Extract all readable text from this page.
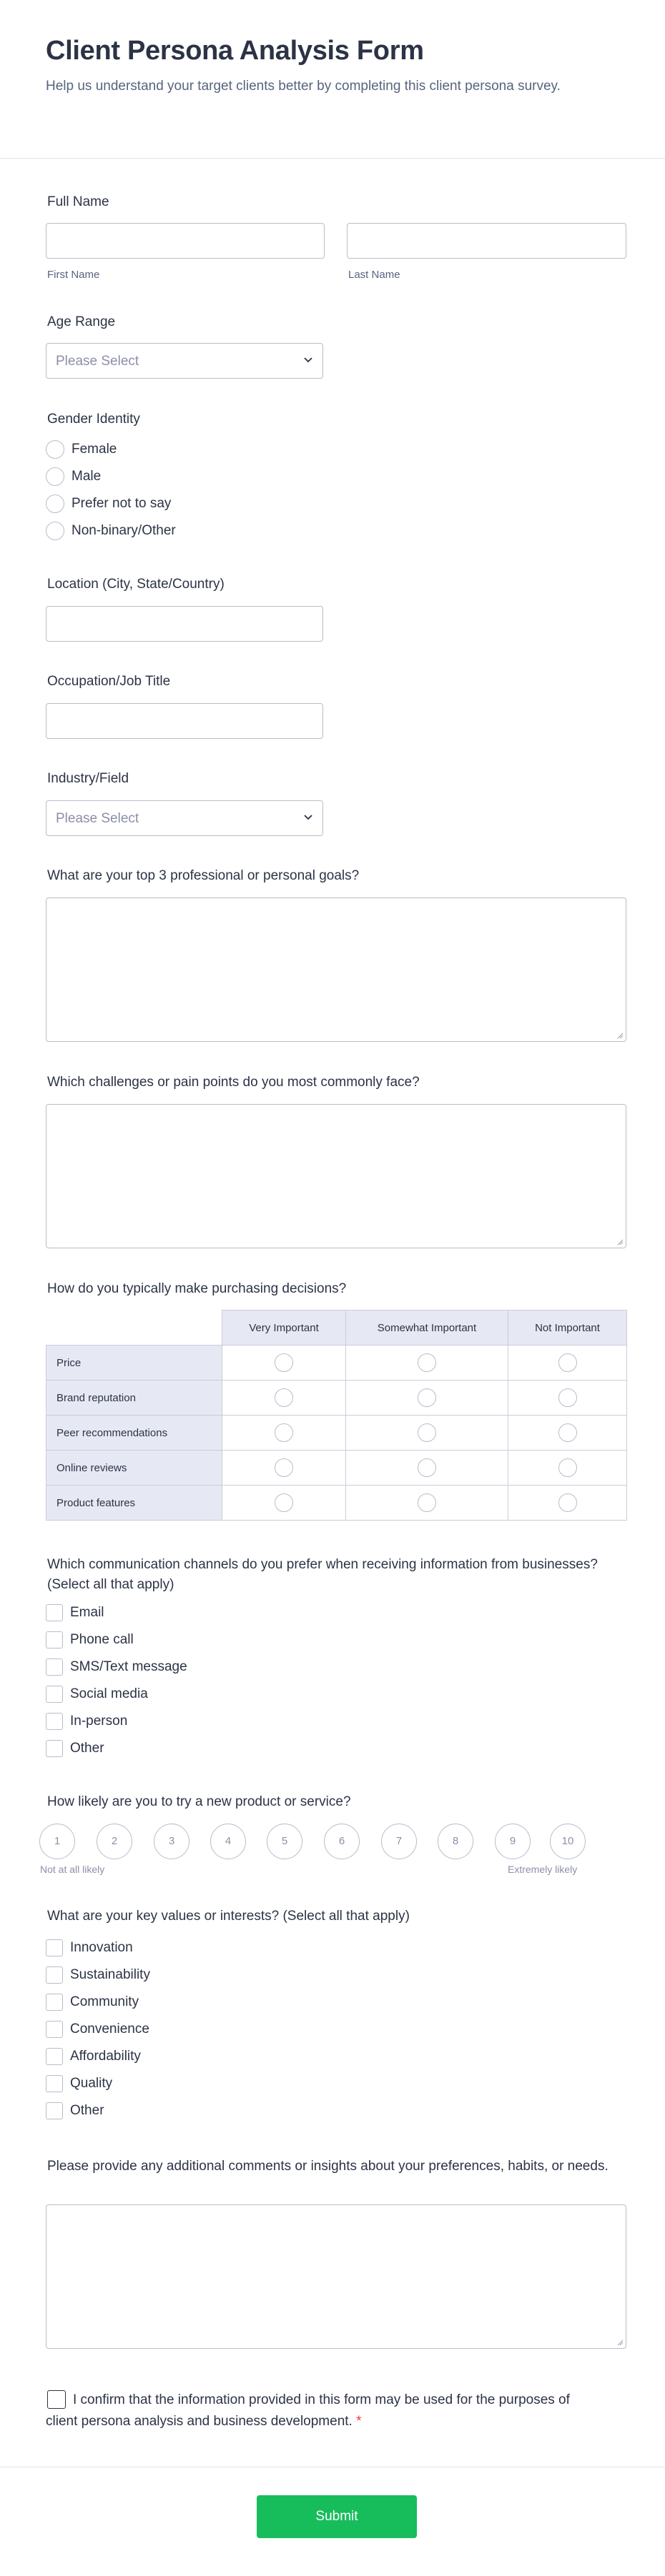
Client Persona Analysis Form
Help us understand your target clients better by completing this client persona survey.
Full Name
First Name	Last Name
Age Range
Please Select
Gender Identity
Female
Male
Prefer not to say
Non-binary/Other
Location (City, State/Country)
Occupation/Job Title
Industry/Field
Please Select
What are your top 3 professional or personal goals?
Which challenges or pain points do you most commonly face?
How do you typically make purchasing decisions?
	Very Important	Somewhat Important	Not Important
Price			
Brand reputation			
Peer recommendations			
Online reviews			
Product features			
Which communication channels do you prefer when receiving information from businesses? (Select all that apply)
Email
Phone call
SMS/Text message
Social media
In-person
Other
How likely are you to try a new product or service?
1	2	3	4	5	6	7	8	9	10
Not at all likely	Extremely likely
What are your key values or interests? (Select all that apply)
Innovation
Sustainability
Community
Convenience
Affordability
Quality
Other
Please provide any additional comments or insights about your preferences, habits, or needs.
I confirm that the information provided in this form may be used for the purposes of client persona analysis and business development. *
Submit
